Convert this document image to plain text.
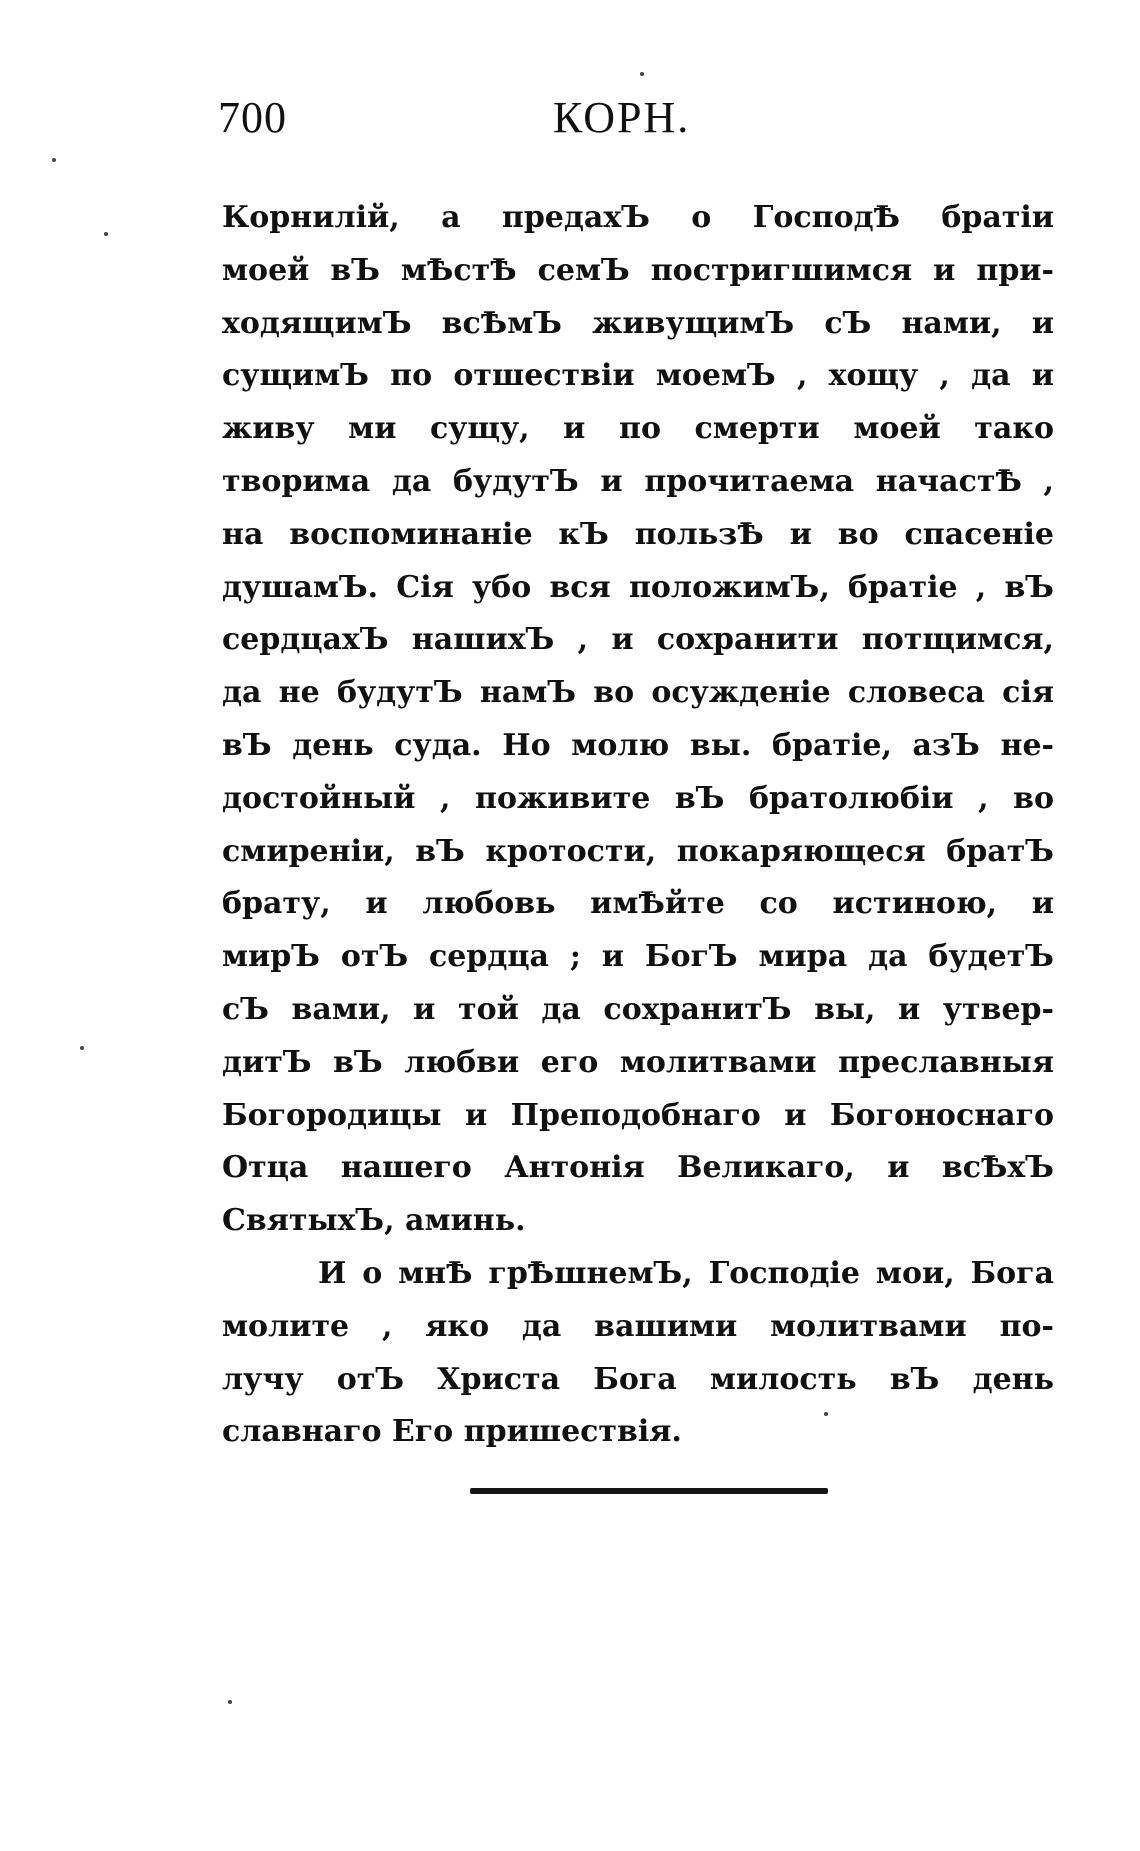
700	КОРН.
Корнилій, а предахЪ о ГосподѢ братіи
моей вЪ мѢстѢ семЪ постригшимся и при-
ходящимЪ всѢмЪ живущимЪ сЪ нами, и
сущимЪ по отшествіи моемЪ , хощу , да и
живу ми сущу, и по смерти моей тако
творима да будутЪ и прочитаема начастѢ ,
на воспоминаніе кЪ пользѢ и во спасеніе
душамЪ. Сія убо вся положимЪ, братіе , вЪ
сердцахЪ нашихЪ , и сохранити потщимся,
да не будутЪ намЪ во осужденіе словеса сія
вЪ день суда. Но молю вы. братіе, азЪ не-
достойный , поживите вЪ братолюбіи , во
смиреніи, вЪ кротости, покаряющеся братЪ
брату, и любовь имѢйте со истиною, и
мирЪ отЪ сердца ; и БогЪ мира да будетЪ
сЪ вами, и той да сохранитЪ вы, и утвер-
дитЪ вЪ любви его молитвами преславныя
Богородицы и Преподобнаго и Богоноснаго
Отца нашего Антонія Великаго, и всѢхЪ
СвятыхЪ, аминь.
И о мнѢ грѢшнемЪ, Господіе мои, Бога
молите , яко да вашими молитвами по-
лучу отЪ Христа Бога милость вЪ день
славнаго Его пришествія.
